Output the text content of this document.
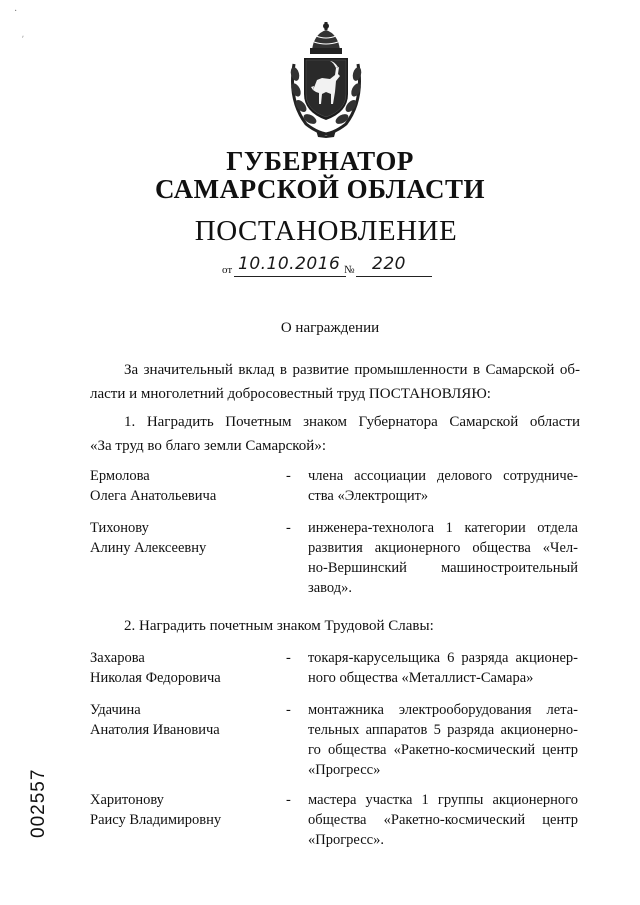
·
ʹ
ГУБЕРНАТОР
САМАРСКОЙ ОБЛАСТИ
ПОСТАНОВЛЕНИЕ
от 10.10.2016 № 220
О награждении
За значительный вклад в развитие промышленности в Самарской об-
ласти и многолетний добросовестный труд ПОСТАНОВЛЯЮ:
1. Наградить Почетным знаком Губернатора Самарской области
«За труд во благо земли Самарской»:
Ермолова
Олега Анатольевича
- члена ассоциации делового сотрудниче-
ства «Электрощит»
Тихонову
Алину Алексеевну
- инженера-технолога 1 категории отдела
развития акционерного общества «Чел-
но-Вершинский машиностроительный
завод».
2. Наградить почетным знаком Трудовой Славы:
Захарова
Николая Федоровича
- токаря-карусельщика 6 разряда акционер-
ного общества «Металлист-Самара»
Удачина
Анатолия Ивановича
- монтажника электрооборудования лета-
тельных аппаратов 5 разряда акционерно-
го общества «Ракетно-космический центр
«Прогресс»
Харитонову
Раису Владимировну
- мастера участка 1 группы акционерного
общества «Ракетно-космический центр
«Прогресс».
002557
